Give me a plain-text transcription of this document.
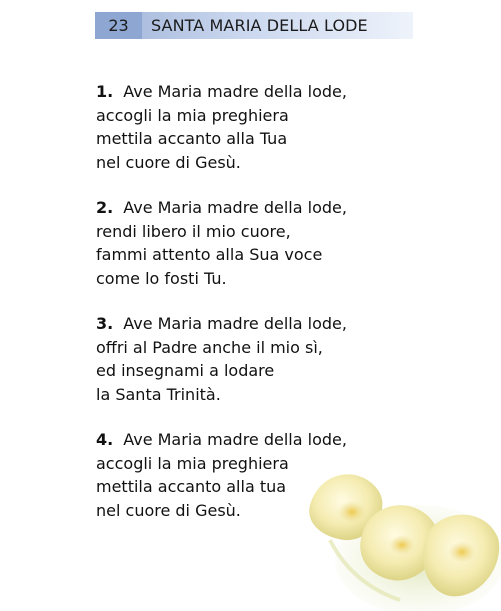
23	SANTA MARIA DELLA LODE
1. Ave Maria madre della lode,
accogli la mia preghiera
mettila accanto alla Tua
nel cuore di Gesù.
2. Ave Maria madre della lode,
rendi libero il mio cuore,
fammi attento alla Sua voce
come lo fosti Tu.
3. Ave Maria madre della lode,
offri al Padre anche il mio sì,
ed insegnami a lodare
la Santa Trinità.
4. Ave Maria madre della lode,
accogli la mia preghiera
mettila accanto alla tua
nel cuore di Gesù.
